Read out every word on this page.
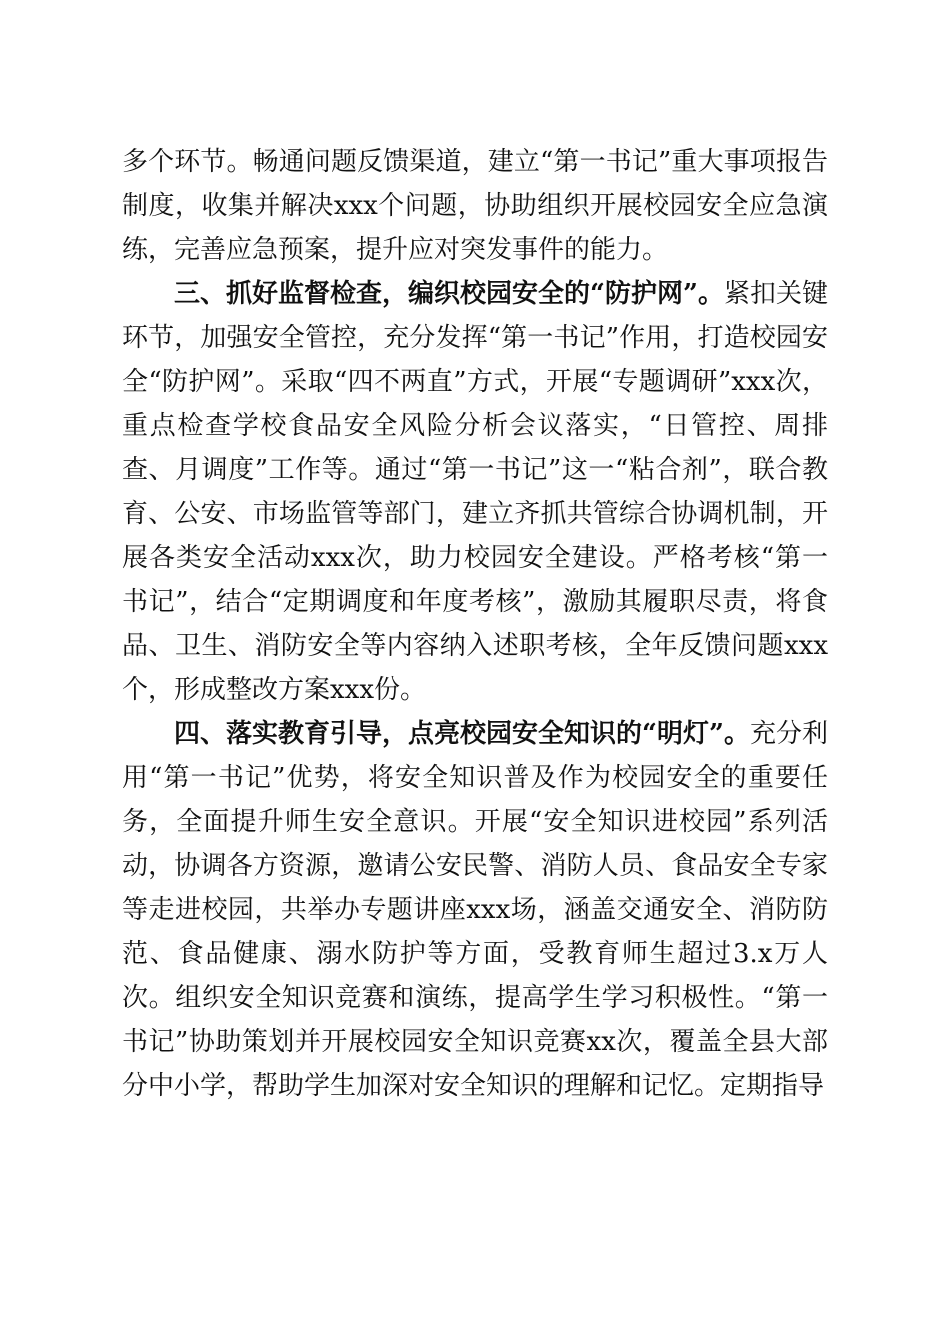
多个环节。畅通问题反馈渠道，建立“第一书记”重大事项报告制度，收集并解决xxx个问题，协助组织开展校园安全应急演练，完善应急预案，提升应对突发事件的能力。

三、抓好监督检查，编织校园安全的“防护网”。紧扣关键环节，加强安全管控，充分发挥“第一书记”作用，打造校园安全“防护网”。采取“四不两直”方式，开展“专题调研”xxx次，重点检查学校食品安全风险分析会议落实，“日管控、周排查、月调度”工作等。通过“第一书记”这一“粘合剂”，联合教育、公安、市场监管等部门，建立齐抓共管综合协调机制，开展各类安全活动xxx次，助力校园安全建设。严格考核“第一书记”，结合“定期调度和年度考核”，激励其履职尽责，将食品、卫生、消防安全等内容纳入述职考核，全年反馈问题xxx个，形成整改方案xxx份。

四、落实教育引导，点亮校园安全知识的“明灯”。充分利用“第一书记”优势，将安全知识普及作为校园安全的重要任务，全面提升师生安全意识。开展“安全知识进校园”系列活动，协调各方资源，邀请公安民警、消防人员、食品安全专家等走进校园，共举办专题讲座xxx场，涵盖交通安全、消防防范、食品健康、溺水防护等方面，受教育师生超过3.x万人次。组织安全知识竞赛和演练，提高学生学习积极性。“第一书记”协助策划并开展校园安全知识竞赛xx次，覆盖全县大部分中小学，帮助学生加深对安全知识的理解和记忆。定期指导
